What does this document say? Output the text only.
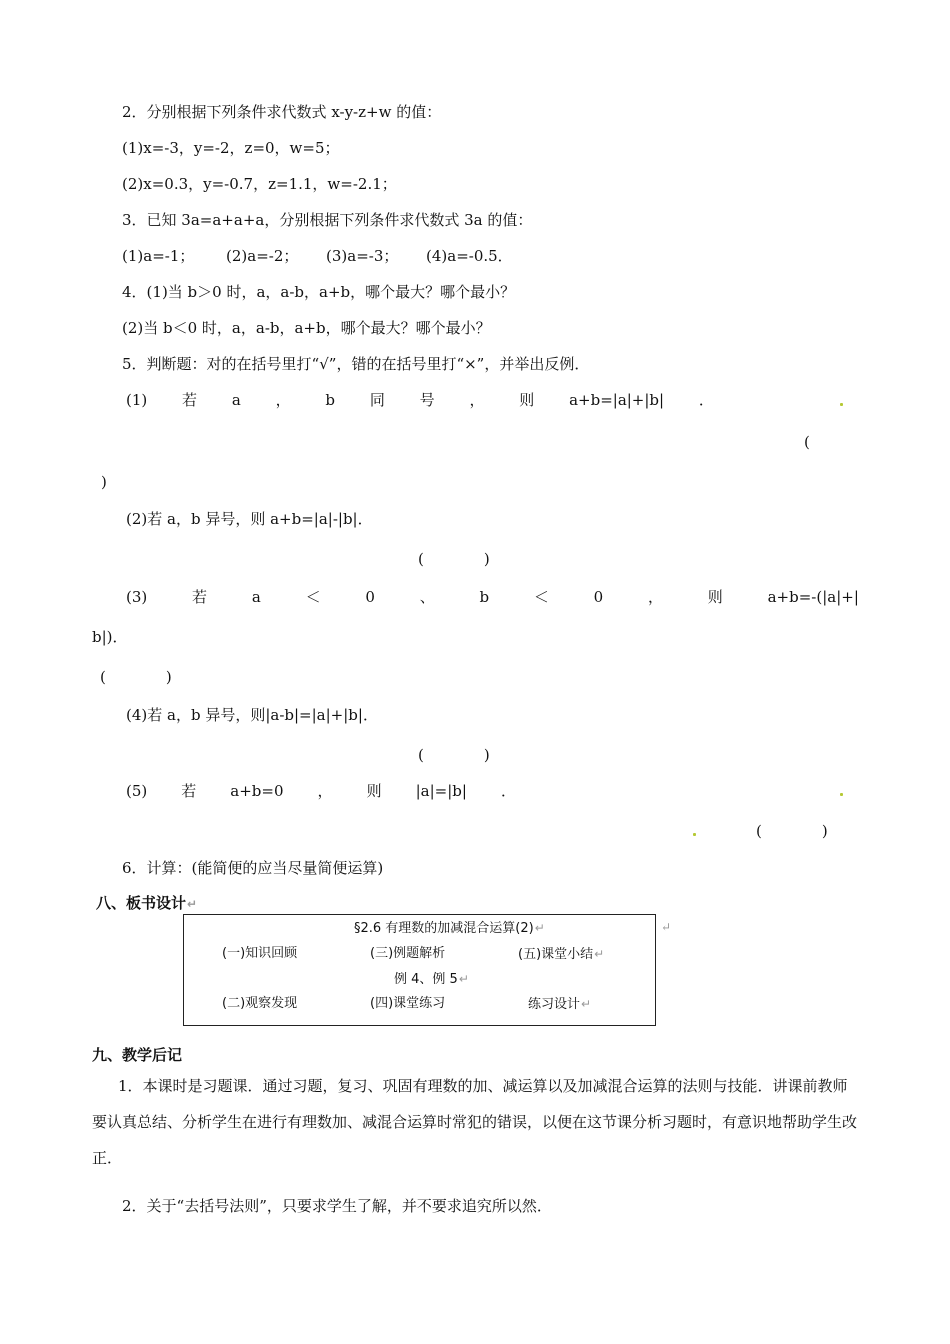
2．分别根据下列条件求代数式 x-y-z+w 的值：
(1)x=-3，y=-2，z=0，w=5；
(2)x=0.3，y=-0.7，z=1.1，w=-2.1；
3．已知 3a=a+a+a，分别根据下列条件求代数式 3a 的值：
(1)a=-1； (2)a=-2； (3)a=-3； (4)a=-0.5．
4．(1)当 b＞0 时，a，a-b，a+b，哪个最大？哪个最小？
(2)当 b＜0 时，a，a-b，a+b，哪个最大？哪个最小？
5．判断题：对的在括号里打“√”，错的在括号里打“×”，并举出反例．
(1) 若 a ， b 同 号 ， 则 a+b=|a|+|b| ．
(
)
(2)若 a，b 异号，则 a+b=|a|-|b|．
(　　　　)
(3)	若	a	＜	0	、	b	＜	0	，	则	a+b=-(|a|+|
b|)．
(　　　　)
(4)若 a，b 异号，则|a-b|=|a|+|b|．
(　　　　)
(5) 若 a+b=0 ， 则 |a|=|b| ．
(　　　　)
6．计算：(能简便的应当尽量简便运算)
八、板书设计↵
§2.6 有理数的加减混合运算(2)↵
(一)知识回顾	(三)例题解析	(五)课堂小结↵
例 4、例 5↵
(二)观察发现	(四)课堂练习	练习设计↵
↵
九、教学后记
1．本课时是习题课．通过习题，复习、巩固有理数的加、减运算以及加减混合运算的法则与技能．讲课前教师要认真总结、分析学生在进行有理数加、减混合运算时常犯的错误，以便在这节课分析习题时，有意识地帮助学生改正．
2．关于“去括号法则”，只要求学生了解，并不要求追究所以然．
